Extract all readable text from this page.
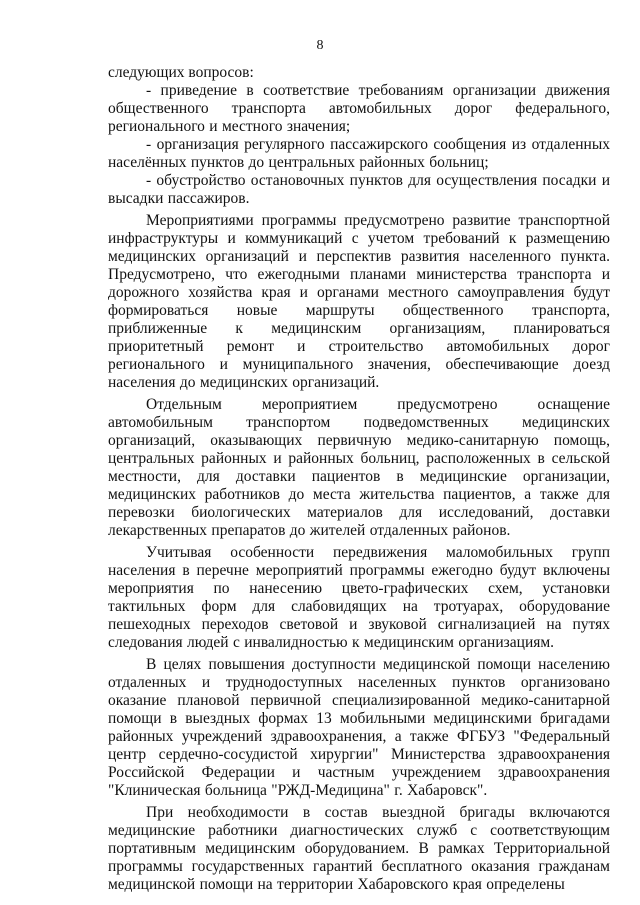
8

следующих вопросов:

- приведение в соответствие требованиям организации движения общественного транспорта автомобильных дорог федерального, регионального и местного значения;

- организация регулярного пассажирского сообщения из отдаленных населённых пунктов до центральных районных больниц;

- обустройство остановочных пунктов для осуществления посадки и высадки пассажиров.

Мероприятиями программы предусмотрено развитие транспортной инфраструктуры и коммуникаций с учетом требований к размещению медицинских организаций и перспектив развития населенного пункта. Предусмотрено, что ежегодными планами министерства транспорта и дорожного хозяйства края и органами местного самоуправления будут формироваться новые маршруты общественного транспорта, приближенные к медицинским организациям, планироваться приоритетный ремонт и строительство автомобильных дорог регионального и муниципального значения, обеспечивающие доезд населения до медицинских организаций.

Отдельным мероприятием предусмотрено оснащение автомобильным транспортом подведомственных медицинских организаций, оказывающих первичную медико-санитарную помощь, центральных районных и районных больниц, расположенных в сельской местности, для доставки пациентов в медицинские организации, медицинских работников до места жительства пациентов, а также для перевозки биологических материалов для исследований, доставки лекарственных препаратов до жителей отдаленных районов.

Учитывая особенности передвижения маломобильных групп населения в перечне мероприятий программы ежегодно будут включены мероприятия по нанесению цвето-графических схем, установки тактильных форм для слабовидящих на тротуарах, оборудование пешеходных переходов световой и звуковой сигнализацией на путях следования людей с инвалидностью к медицинским организациям.

В целях повышения доступности медицинской помощи населению отдаленных и труднодоступных населенных пунктов организовано оказание плановой первичной специализированной медико-санитарной помощи в выездных формах 13 мобильными медицинскими бригадами районных учреждений здравоохранения, а также ФГБУЗ "Федеральный центр сердечно-сосудистой хирургии" Министерства здравоохранения Российской Федерации и частным учреждением здравоохранения "Клиническая больница "РЖД-Медицина" г. Хабаровск".

При необходимости в состав выездной бригады включаются медицинские работники диагностических служб с соответствующим портативным медицинским оборудованием. В рамках Территориальной программы государственных гарантий бесплатного оказания гражданам медицинской помощи на территории Хабаровского края определены
